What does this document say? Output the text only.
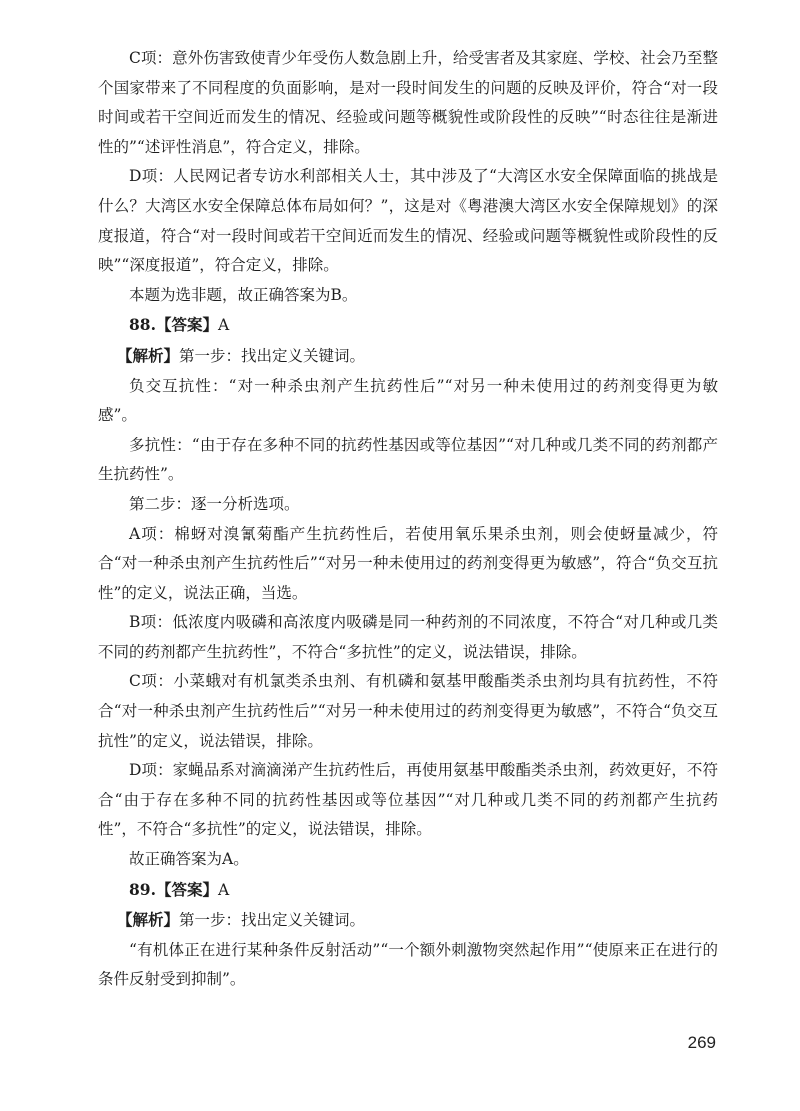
C项：意外伤害致使青少年受伤人数急剧上升，给受害者及其家庭、学校、社会乃至整个国家带来了不同程度的负面影响，是对一段时间发生的问题的反映及评价，符合“对一段时间或若干空间近而发生的情况、经验或问题等概貌性或阶段性的反映”“时态往往是渐进性的”“述评性消息”，符合定义，排除。

D项：人民网记者专访水利部相关人士，其中涉及了“大湾区水安全保障面临的挑战是什么？大湾区水安全保障总体布局如何？”，这是对《粤港澳大湾区水安全保障规划》的深度报道，符合“对一段时间或若干空间近而发生的情况、经验或问题等概貌性或阶段性的反映”“深度报道”，符合定义，排除。

本题为选非题，故正确答案为B。

88.【答案】A

【解析】第一步：找出定义关键词。

负交互抗性：“对一种杀虫剂产生抗药性后”“对另一种未使用过的药剂变得更为敏感”。

多抗性：“由于存在多种不同的抗药性基因或等位基因”“对几种或几类不同的药剂都产生抗药性”。

第二步：逐一分析选项。

A项：棉蚜对溴氰菊酯产生抗药性后，若使用氧乐果杀虫剂，则会使蚜量减少，符合“对一种杀虫剂产生抗药性后”“对另一种未使用过的药剂变得更为敏感”，符合“负交互抗性”的定义，说法正确，当选。

B项：低浓度内吸磷和高浓度内吸磷是同一种药剂的不同浓度，不符合“对几种或几类不同的药剂都产生抗药性”，不符合“多抗性”的定义，说法错误，排除。

C项：小菜蛾对有机氯类杀虫剂、有机磷和氨基甲酸酯类杀虫剂均具有抗药性，不符合“对一种杀虫剂产生抗药性后”“对另一种未使用过的药剂变得更为敏感”，不符合“负交互抗性”的定义，说法错误，排除。

D项：家蝇品系对滴滴涕产生抗药性后，再使用氨基甲酸酯类杀虫剂，药效更好，不符合“由于存在多种不同的抗药性基因或等位基因”“对几种或几类不同的药剂都产生抗药性”，不符合“多抗性”的定义，说法错误，排除。

故正确答案为A。

89.【答案】A

【解析】第一步：找出定义关键词。

“有机体正在进行某种条件反射活动”“一个额外刺激物突然起作用”“使原来正在进行的条件反射受到抑制”。

269
